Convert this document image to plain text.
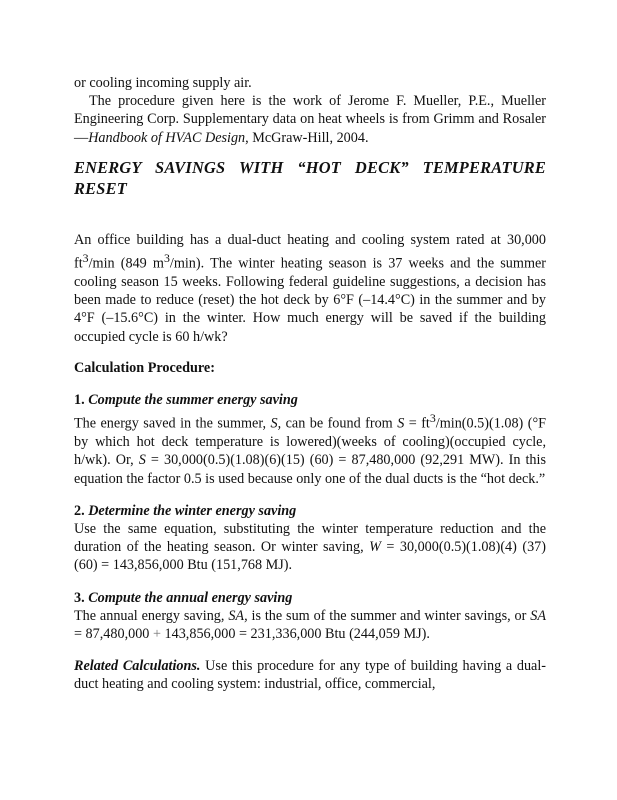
or cooling incoming supply air.

The procedure given here is the work of Jerome F. Mueller, P.E., Mueller Engineering Corp. Supplementary data on heat wheels is from Grimm and Rosaler—Handbook of HVAC Design, McGraw-Hill, 2004.

ENERGY SAVINGS WITH “HOT DECK” TEMPERATURE RESET

An office building has a dual-duct heating and cooling system rated at 30,000 $ft^3/\min$ (849 $m^3/\min$). The winter heating season is 37 weeks and the summer cooling season 15 weeks. Following federal guideline suggestions, a decision has been made to reduce (reset) the hot deck by 6°F (–14.4°C) in the summer and by 4°F (–15.6°C) in the winter. How much energy will be saved if the building occupied cycle is 60 h/wk?

Calculation Procedure:
1. Compute the summer energy saving

The energy saved in the summer, S, can be found from $S = ft^3/\min(0.5)(1.08)$ (°F by which hot deck temperature is lowered)(weeks of cooling)(occupied cycle, h/wk). Or, S = 30,000(0.5)(1.08)(6)(15) (60) = 87,480,000 (92,291 MW). In this equation the factor 0.5 is used because only one of the dual ducts is the “hot deck.”

2. Determine the winter energy saving

Use the same equation, substituting the winter temperature reduction and the duration of the heating season. Or winter saving, W = 30,000(0.5)(1.08)(4) (37)(60) = 143,856,000 Btu (151,768 MJ).

3. Compute the annual energy saving

The annual energy saving, SA, is the sum of the summer and winter savings, or SA = 87,480,000 + 143,856,000 = 231,336,000 Btu (244,059 MJ).

Related Calculations. Use this procedure for any type of building having a dual-duct heating and cooling system: industrial, office, commercial,
